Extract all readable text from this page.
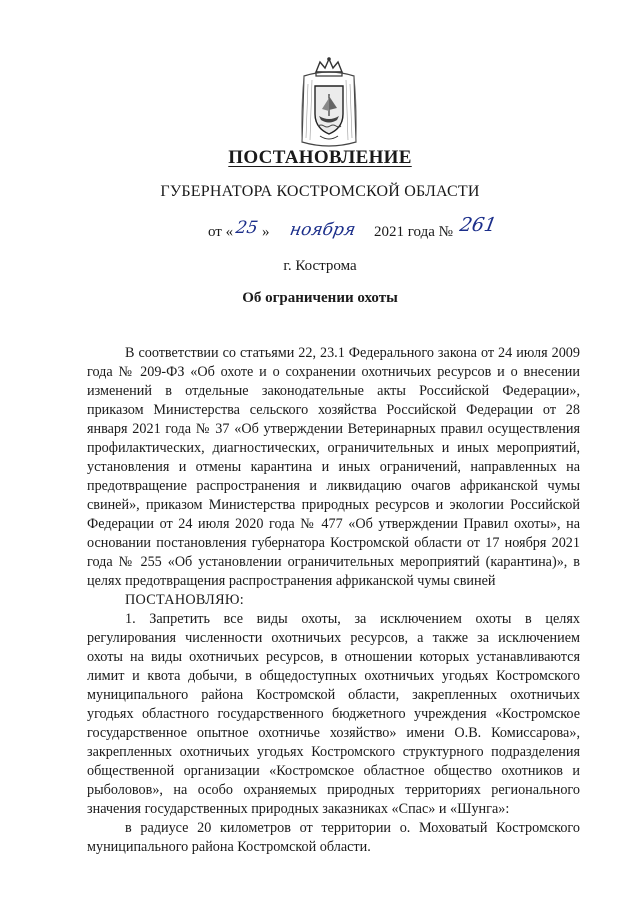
ПОСТАНОВЛЕНИЕ
ГУБЕРНАТОРА КОСТРОМСКОЙ ОБЛАСТИ
от « 25 » ноября 2021 года № 261
г. Кострома
Об ограничении охоты

В соответствии со статьями 22, 23.1 Федерального закона от 24 июля 2009 года № 209-ФЗ «Об охоте и о сохранении охотничьих ресурсов и о внесении изменений в отдельные законодательные акты Российской Федерации», приказом Министерства сельского хозяйства Российской Федерации от 28 января 2021 года № 37 «Об утверждении Ветеринарных правил осуществления профилактических, диагностических, ограничительных и иных мероприятий, установления и отмены карантина и иных ограничений, направленных на предотвращение распространения и ликвидацию очагов африканской чумы свиней», приказом Министерства природных ресурсов и экологии Российской Федерации от 24 июля 2020 года № 477 «Об утверждении Правил охоты», на основании постановления губернатора Костромской области от 17 ноября 2021 года № 255 «Об установлении ограничительных мероприятий (карантина)», в целях предотвращения распространения африканской чумы свиней

ПОСТАНОВЛЯЮ:

1. Запретить все виды охоты, за исключением охоты в целях регулирования численности охотничьих ресурсов, а также за исключением охоты на виды охотничьих ресурсов, в отношении которых устанавливаются лимит и квота добычи, в общедоступных охотничьих угодьях Костромского муниципального района Костромской области, закрепленных охотничьих угодьях областного государственного бюджетного учреждения «Костромское государственное опытное охотничье хозяйство» имени О.В. Комиссарова», закрепленных охотничьих угодьях Костромского структурного подразделения общественной организации «Костромское областное общество охотников и рыболовов», на особо охраняемых природных территориях регионального значения государственных природных заказниках «Спас» и «Шунга»:

в радиусе 20 километров от территории о. Моховатый Костромского муниципального района Костромской области.
